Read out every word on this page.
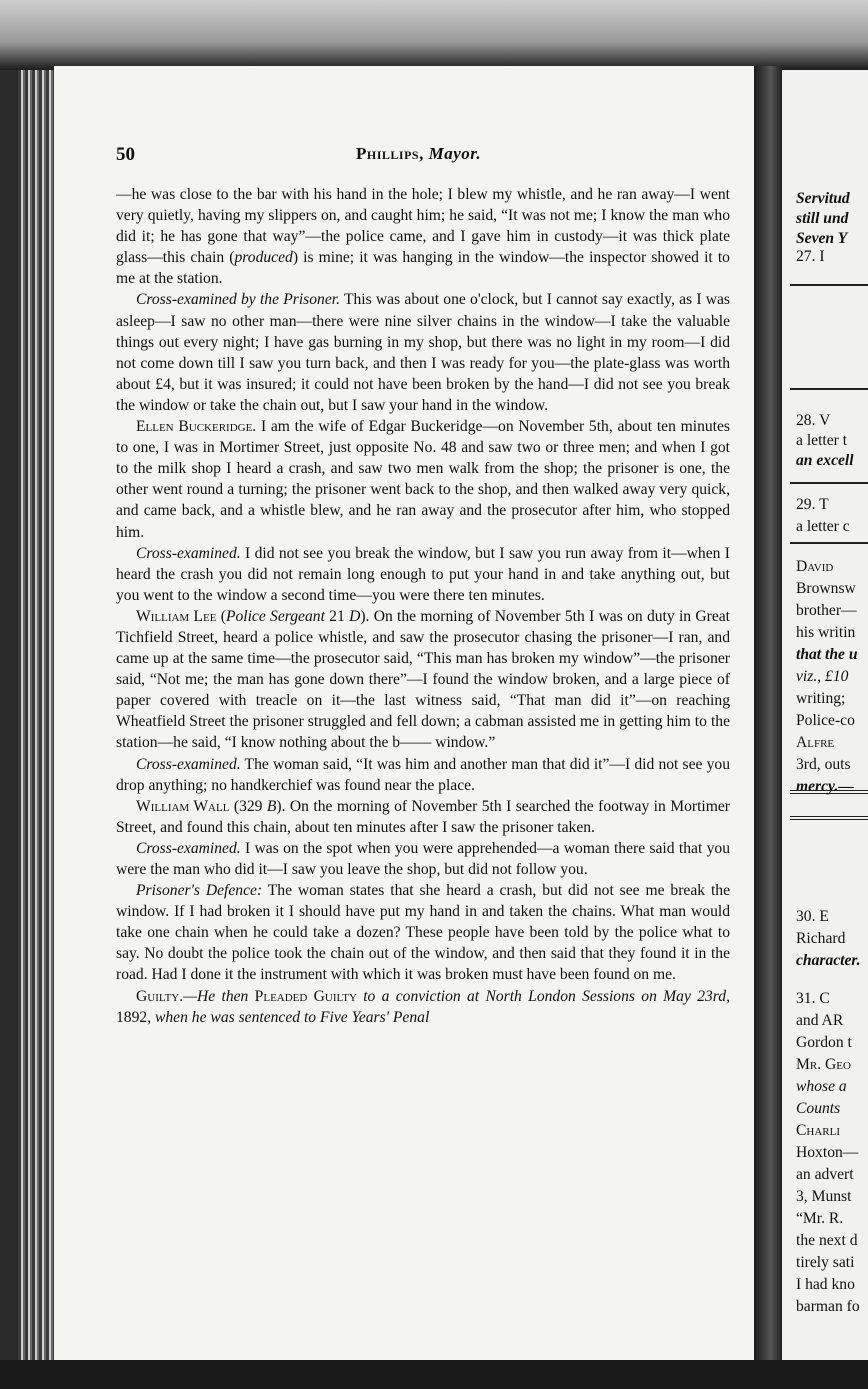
50	Phillips, Mayor.

—he was close to the bar with his hand in the hole; I blew my whistle, and he ran away—I went very quietly, having my slippers on, and caught him; he said, “It was not me; I know the man who did it; he has gone that way”—the police came, and I gave him in custody—it was thick plate glass—this chain (produced) is mine; it was hanging in the window—the inspector showed it to me at the station.

Cross-examined by the Prisoner. This was about one o'clock, but I cannot say exactly, as I was asleep—I saw no other man—there were nine silver chains in the window—I take the valuable things out every night; I have gas burning in my shop, but there was no light in my room—I did not come down till I saw you turn back, and then I was ready for you—the plate-glass was worth about £4, but it was insured; it could not have been broken by the hand—I did not see you break the window or take the chain out, but I saw your hand in the window.

Ellen Buckeridge. I am the wife of Edgar Buckeridge—on November 5th, about ten minutes to one, I was in Mortimer Street, just opposite No. 48 and saw two or three men; and when I got to the milk shop I heard a crash, and saw two men walk from the shop; the prisoner is one, the other went round a turning; the prisoner went back to the shop, and then walked away very quick, and came back, and a whistle blew, and he ran away and the prosecutor after him, who stopped him.

Cross-examined. I did not see you break the window, but I saw you run away from it—when I heard the crash you did not remain long enough to put your hand in and take anything out, but you went to the window a second time—you were there ten minutes.

William Lee (Police Sergeant 21 D). On the morning of November 5th I was on duty in Great Tichfield Street, heard a police whistle, and saw the prosecutor chasing the prisoner—I ran, and came up at the same time—the prosecutor said, “This man has broken my window”—the prisoner said, “Not me; the man has gone down there”—I found the window broken, and a large piece of paper covered with treacle on it—the last witness said, “That man did it”—on reaching Wheatfield Street the prisoner struggled and fell down; a cabman assisted me in getting him to the station—he said, “I know nothing about the b—— window.”

Cross-examined. The woman said, “It was him and another man that did it”—I did not see you drop anything; no handkerchief was found near the place.

William Wall (329 B). On the morning of November 5th I searched the footway in Mortimer Street, and found this chain, about ten minutes after I saw the prisoner taken.

Cross-examined. I was on the spot when you were apprehended—a woman there said that you were the man who did it—I saw you leave the shop, but did not follow you.

Prisoner's Defence: The woman states that she heard a crash, but did not see me break the window. If I had broken it I should have put my hand in and taken the chains. What man would take one chain when he could take a dozen? These people have been told by the police what to say. No doubt the police took the chain out of the window, and then said that they found it in the road. Had I done it the instrument with which it was broken must have been found on me.

Guilty.—He then Pleaded Guilty to a conviction at North London Sessions on May 23rd, 1892, when he was sentenced to Five Years' Penal

Servitud
still und
Seven Y
27. I
28. V
a letter t
an excell
29. T
a letter c
David
Brownsw
brother—
his writin
that the u
viz., £10
writing;
Police-co
Alfre
3rd, outs
mercy.—
30. E
Richard
character.
31. C
and AR
Gordon t
Mr. Geo
whose a
Counts
Charli
Hoxton—
an advert
3, Munst
“Mr. R.
the next d
tirely sati
I had kno
barman fo
